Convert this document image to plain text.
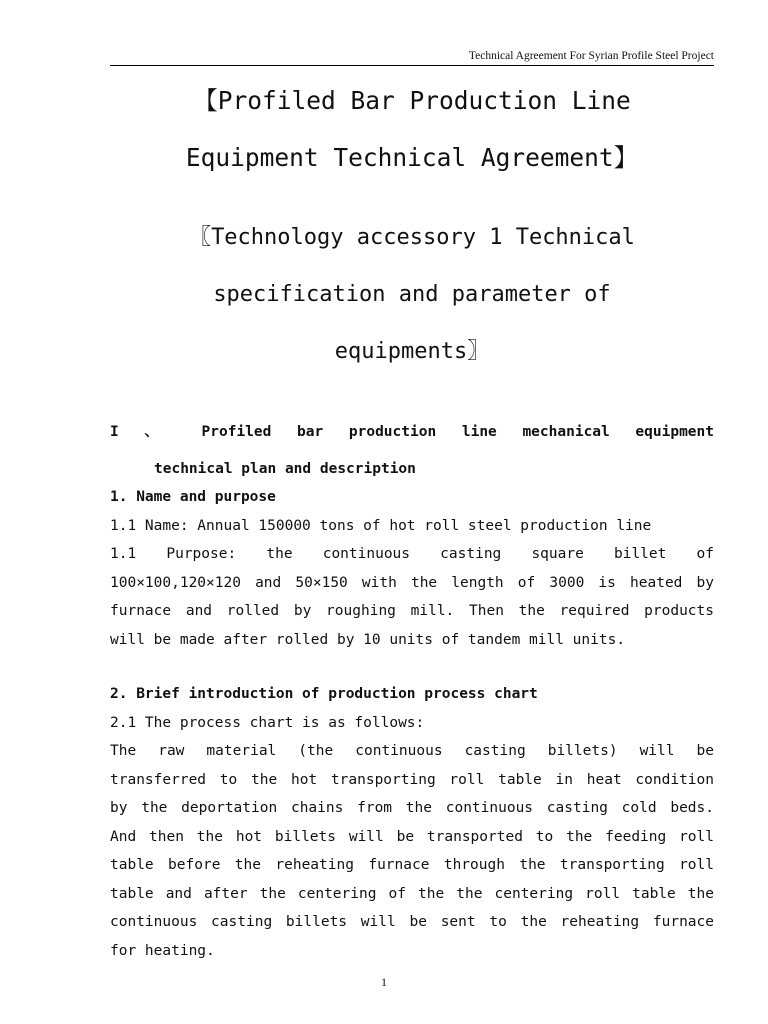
Technical Agreement For Syrian Profile Steel Project
【Profiled Bar Production Line
Equipment Technical Agreement】
〖Technology accessory 1 Technical
specification and parameter of
equipments〗
I 、 Profiled bar production line mechanical equipment
technical plan and description
1. Name and purpose
1.1 Name: Annual 150000 tons of hot roll steel production line
1.1 Purpose: the continuous casting square billet of
100×100,120×120 and 50×150 with the length of 3000 is heated by
furnace and rolled by roughing mill. Then the required products
will be made after rolled by 10 units of tandem mill units.
2. Brief introduction of production process chart
2.1 The process chart is as follows:
The raw material (the continuous casting billets) will be
transferred to the hot transporting roll table in heat condition
by the deportation chains from the continuous casting cold beds.
And then the hot billets will be transported to the feeding roll
table before the reheating furnace through the transporting roll
table and after the centering of the the centering roll table the
continuous casting billets will be sent to the reheating furnace
for heating.
1
